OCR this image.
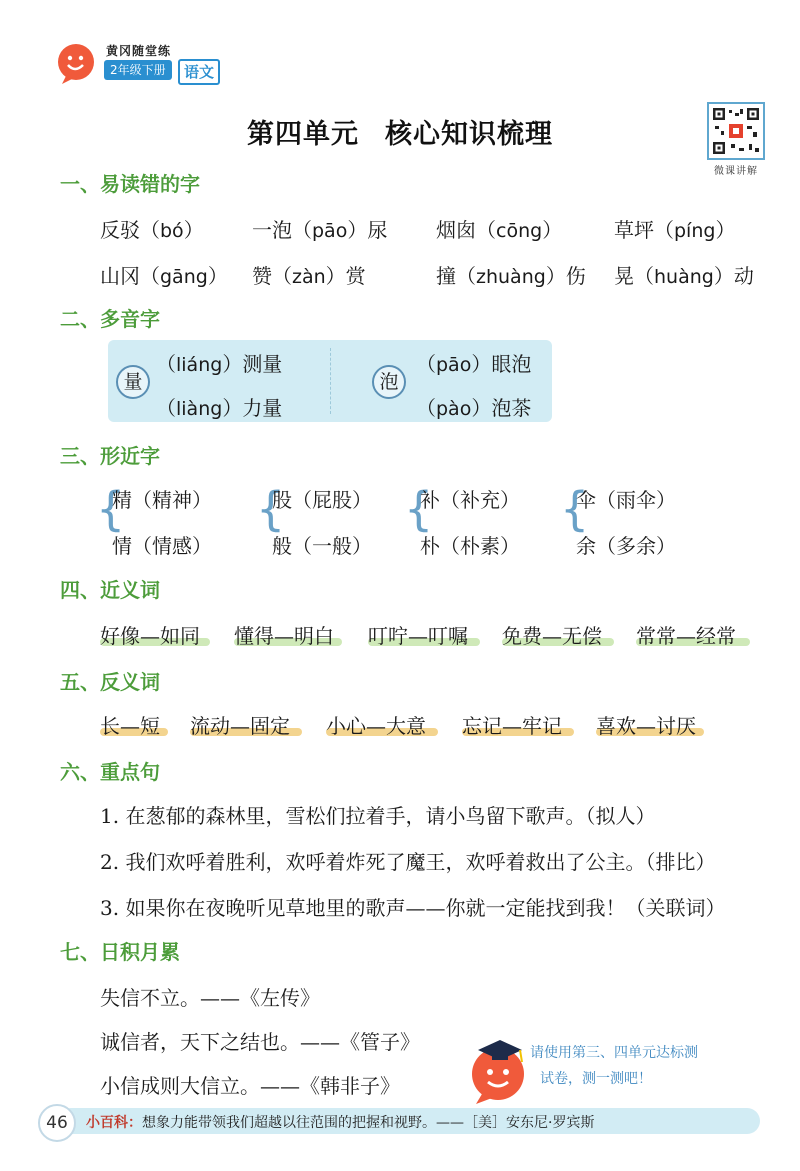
黄冈随堂练
2年级下册	语文
第四单元 核心知识梳理
微课讲解
一、易读错的字
反驳（bó） 一泡（pāo）尿 烟囱（cōng）	草坪（píng）
山冈（gāng） 赞（zàn）赏	撞（zhuàng）伤 晃（huàng）动
二、多音字
量
（liáng）测量
（liàng）力量
泡
（pāo）眼泡
（pào）泡茶
三、形近字
{
精（精神）
情（情感）
{
股（屁股）
般（一般）
{
补（补充）
朴（朴素）
{
伞（雨伞）
余（多余）
四、近义词
好像—如同 懂得—明白 叮咛—叮嘱 免费—无偿 常常—经常
五、反义词
长—短 流动—固定 小心—大意 忘记—牢记 喜欢—讨厌
六、重点句
1. 在葱郁的森林里，雪松们拉着手，请小鸟留下歌声。（拟人）
2. 我们欢呼着胜利，欢呼着炸死了魔王，欢呼着救出了公主。（排比）
3. 如果你在夜晚听见草地里的歌声——你就一定能找到我！（关联词）
七、日积月累
失信不立。——《左传》
诚信者，天下之结也。——《管子》
小信成则大信立。——《韩非子》
请使用第三、四单元达标测
试卷，测一测吧！
46	小百科：想象力能带领我们超越以往范围的把握和视野。——［美］安东尼·罗宾斯
